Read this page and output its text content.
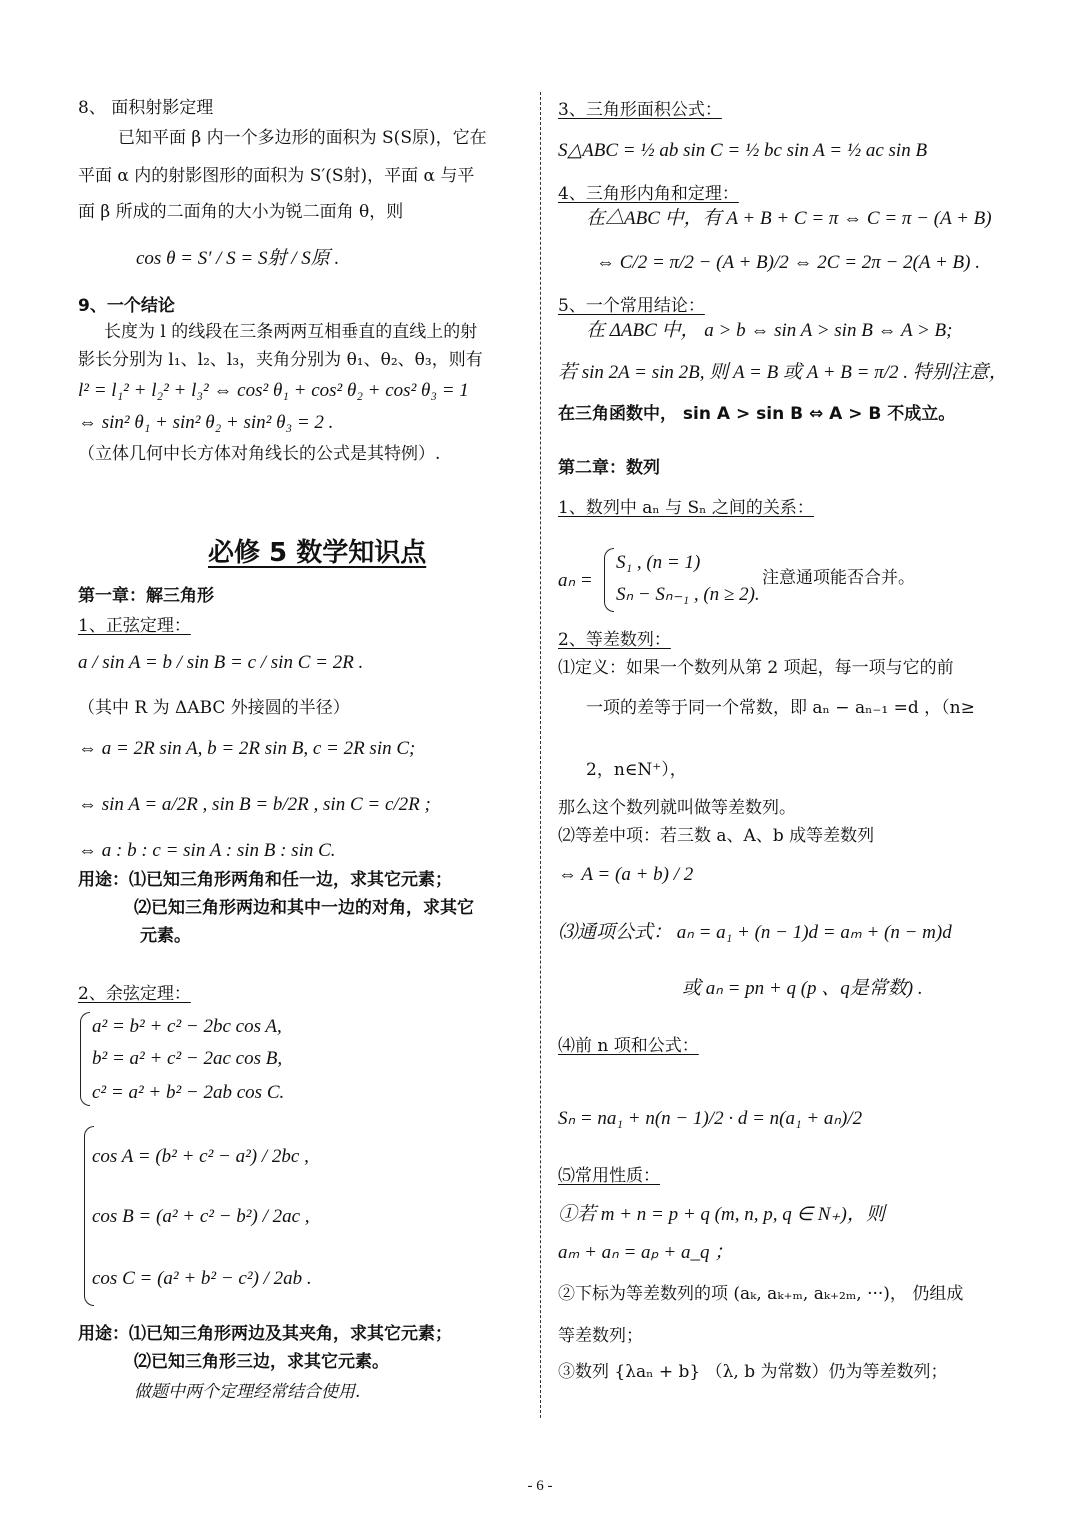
8、 面积射影定理
已知平面 β 内一个多边形的面积为 S(S原)，它在
平面 α 内的射影图形的面积为 S′(S射)，平面 α 与平
面 β 所成的二面角的大小为锐二面角 θ，则
cos θ = S′ / S = S射 / S原 .
9、一个结论
长度为 l 的线段在三条两两互相垂直的直线上的射
影长分别为 l₁、l₂、l₃，夹角分别为 θ₁、θ₂、θ₃，则有
l² = l₁² + l₂² + l₃² ⇔ cos² θ₁ + cos² θ₂ + cos² θ₃ = 1
⇔ sin² θ₁ + sin² θ₂ + sin² θ₃ = 2 .
（立体几何中长方体对角线长的公式是其特例）.
必修 5 数学知识点
第一章：解三角形
1、正弦定理：
a / sin A = b / sin B = c / sin C = 2R .
（其中 R 为 ΔABC 外接圆的半径）
⇔ a = 2R sin A, b = 2R sin B, c = 2R sin C;
⇔ sin A = a/2R , sin B = b/2R , sin C = c/2R ;
⇔ a : b : c = sin A : sin B : sin C.
用途：⑴已知三角形两角和任一边，求其它元素；
⑵已知三角形两边和其中一边的对角，求其它
元素。
2、余弦定理：
a² = b² + c² − 2bc cos A,
b² = a² + c² − 2ac cos B,
c² = a² + b² − 2ab cos C.
cos A = (b² + c² − a²) / 2bc ,
cos B = (a² + c² − b²) / 2ac ,
cos C = (a² + b² − c²) / 2ab .
用途：⑴已知三角形两边及其夹角，求其它元素；
⑵已知三角形三边，求其它元素。
做题中两个定理经常结合使用.
3、三角形面积公式：
S△ABC = ½ ab sin C = ½ bc sin A = ½ ac sin B
4、三角形内角和定理：
在△ABC 中，有 A + B + C = π ⇔ C = π − (A + B)
⇔ C/2 = π/2 − (A + B)/2 ⇔ 2C = 2π − 2(A + B) .
5、一个常用结论：
在 ΔABC 中， a > b ⇔ sin A > sin B ⇔ A > B;
若 sin 2A = sin 2B, 则 A = B 或 A + B = π/2 . 特别注意，
在三角函数中， sin A > sin B ⇔ A > B 不成立。
第二章：数列
1、数列中 aₙ 与 Sₙ 之间的关系：
aₙ =
S₁ , (n = 1)
Sₙ − Sₙ₋₁ , (n ≥ 2).
注意通项能否合并。
2、等差数列：
⑴定义：如果一个数列从第 2 项起，每一项与它的前
一项的差等于同一个常数，即 aₙ − aₙ₋₁ =d ，（n≥
2，n∈N⁺），
那么这个数列就叫做等差数列。
⑵等差中项：若三数 a、A、b 成等差数列
⇔ A = (a + b) / 2
⑶通项公式： aₙ = a₁ + (n − 1)d = aₘ + (n − m)d
或 aₙ = pn + q (p 、q是常数) .
⑷前 n 项和公式：
Sₙ = na₁ + n(n − 1)/2 · d = n(a₁ + aₙ)/2
⑸常用性质：
①若 m + n = p + q (m, n, p, q ∈ N₊)，则
aₘ + aₙ = aₚ + a_q ；
②下标为等差数列的项 (aₖ, aₖ₊ₘ, aₖ₊₂ₘ, ···)， 仍组成
等差数列；
③数列 {λaₙ + b} （λ, b 为常数）仍为等差数列；
- 6 -
